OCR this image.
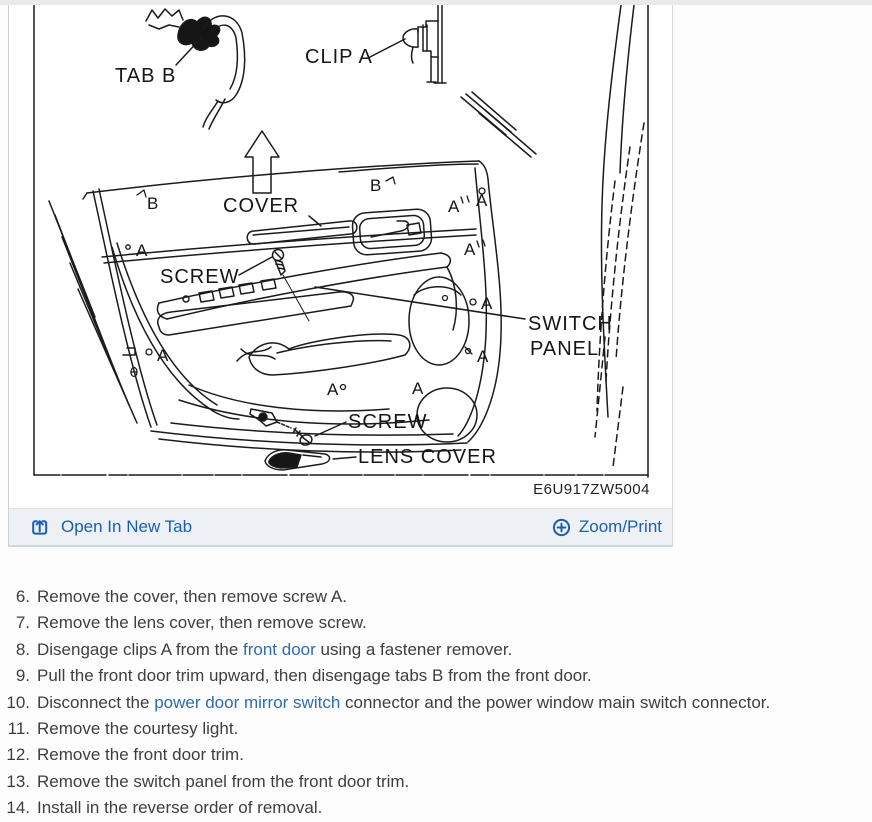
TAB B
CLIP A
COVER
SCREW
SWITCH
PANEL
SCREW
LENS COVER
E6U917ZW5004
B
B
A
A A
A
A
A
A	A
A
Open In New Tab	Zoom/Print
6. Remove the cover, then remove screw A.
7. Remove the lens cover, then remove screw.
8. Disengage clips A from the front door using a fastener remover.
9. Pull the front door trim upward, then disengage tabs B from the front door.
10. Disconnect the power door mirror switch connector and the power window main switch connector.
11. Remove the courtesy light.
12. Remove the front door trim.
13. Remove the switch panel from the front door trim.
14. Install in the reverse order of removal.
